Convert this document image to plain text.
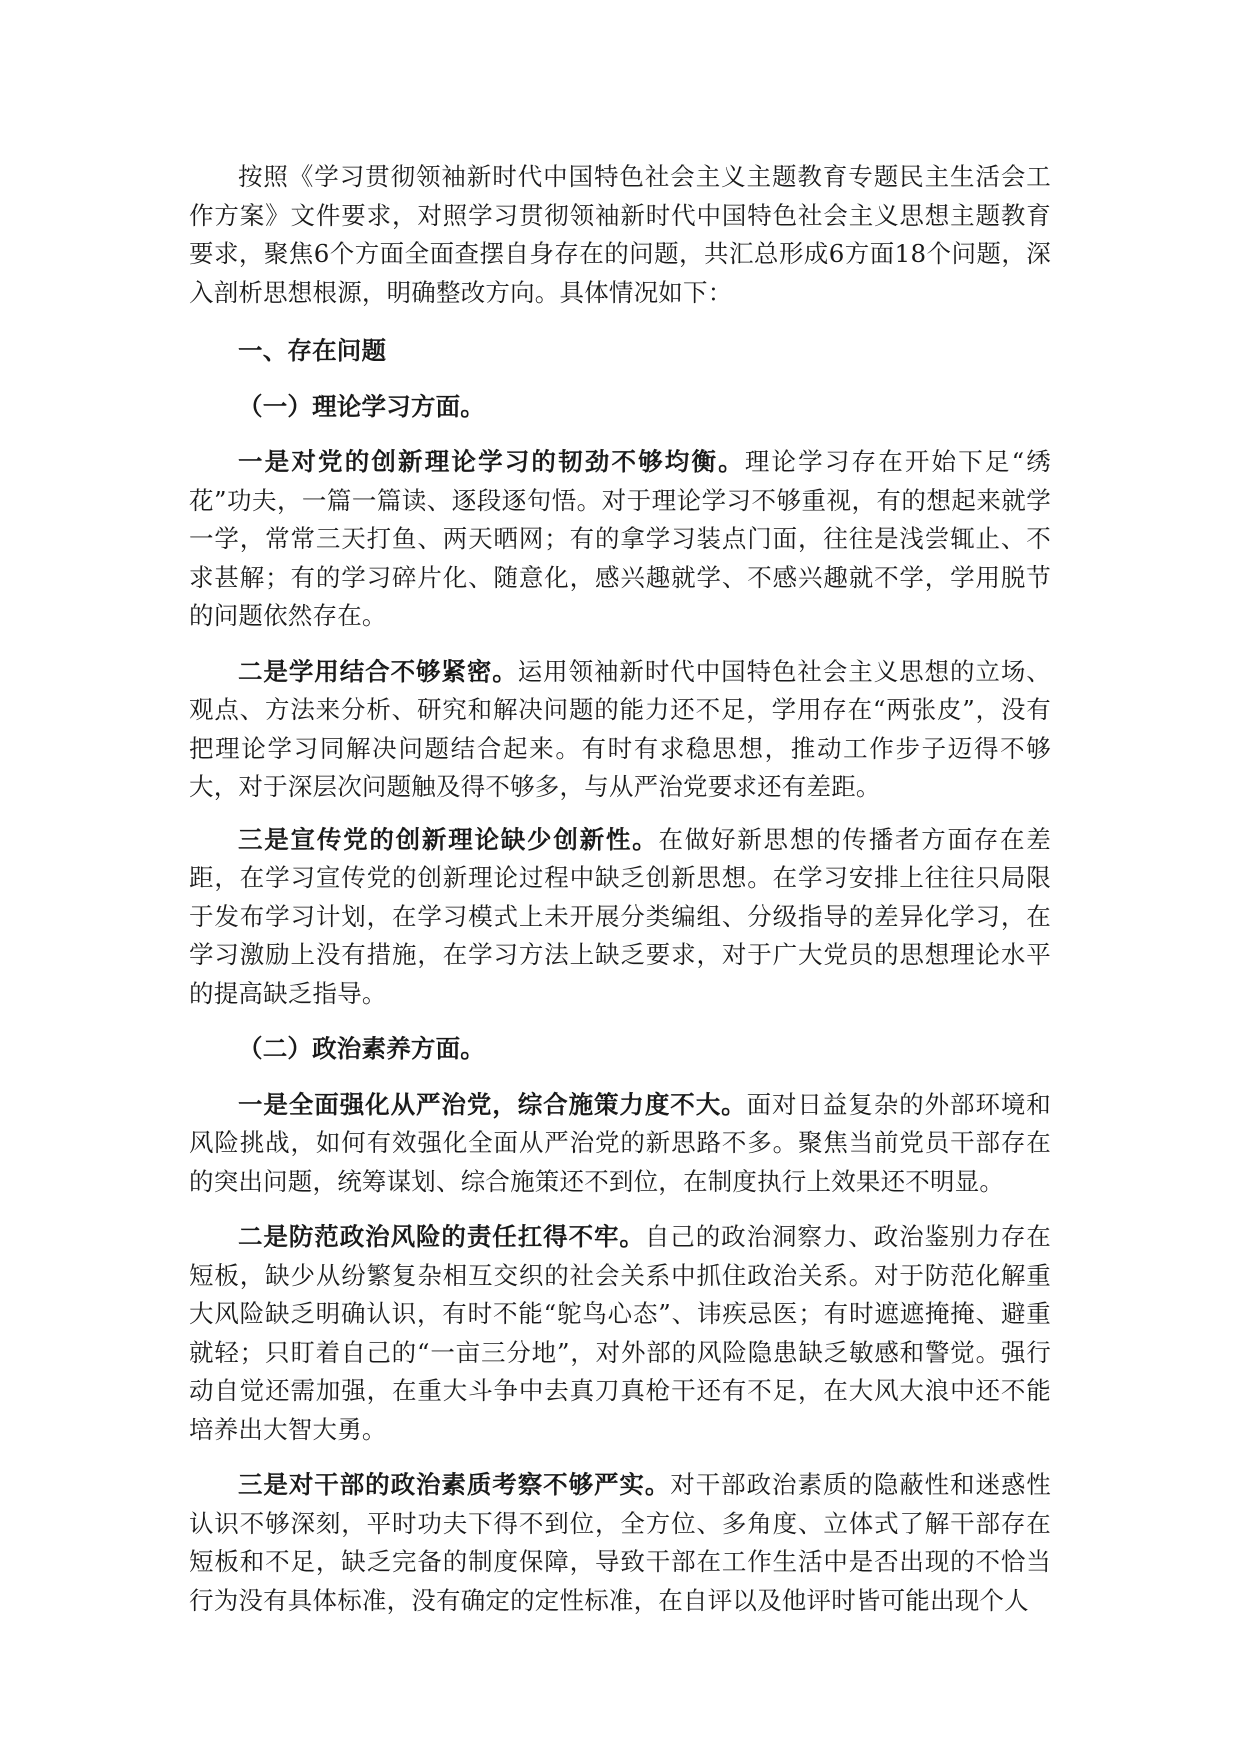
按照《学习贯彻领袖新时代中国特色社会主义主题教育专题民主生活会工作方案》文件要求，对照学习贯彻领袖新时代中国特色社会主义思想主题教育要求，聚焦6个方面全面查摆自身存在的问题，共汇总形成6方面18个问题，深入剖析思想根源，明确整改方向。具体情况如下：

一、存在问题

（一）理论学习方面。

一是对党的创新理论学习的韧劲不够均衡。理论学习存在开始下足“绣花”功夫，一篇一篇读、逐段逐句悟。对于理论学习不够重视，有的想起来就学一学，常常三天打鱼、两天晒网；有的拿学习装点门面，往往是浅尝辄止、不求甚解；有的学习碎片化、随意化，感兴趣就学、不感兴趣就不学，学用脱节的问题依然存在。

二是学用结合不够紧密。运用领袖新时代中国特色社会主义思想的立场、观点、方法来分析、研究和解决问题的能力还不足，学用存在“两张皮”，没有把理论学习同解决问题结合起来。有时有求稳思想，推动工作步子迈得不够大，对于深层次问题触及得不够多，与从严治党要求还有差距。

三是宣传党的创新理论缺少创新性。在做好新思想的传播者方面存在差距，在学习宣传党的创新理论过程中缺乏创新思想。在学习安排上往往只局限于发布学习计划，在学习模式上未开展分类编组、分级指导的差异化学习，在学习激励上没有措施，在学习方法上缺乏要求，对于广大党员的思想理论水平的提高缺乏指导。

（二）政治素养方面。

一是全面强化从严治党，综合施策力度不大。面对日益复杂的外部环境和风险挑战，如何有效强化全面从严治党的新思路不多。聚焦当前党员干部存在的突出问题，统筹谋划、综合施策还不到位，在制度执行上效果还不明显。

二是防范政治风险的责任扛得不牢。自己的政治洞察力、政治鉴别力存在短板，缺少从纷繁复杂相互交织的社会关系中抓住政治关系。对于防范化解重大风险缺乏明确认识，有时不能“鸵鸟心态”、讳疾忌医；有时遮遮掩掩、避重就轻；只盯着自己的“一亩三分地”，对外部的风险隐患缺乏敏感和警觉。强行动自觉还需加强，在重大斗争中去真刀真枪干还有不足，在大风大浪中还不能培养出大智大勇。

三是对干部的政治素质考察不够严实。对干部政治素质的隐蔽性和迷惑性认识不够深刻，平时功夫下得不到位，全方位、多角度、立体式了解干部存在短板和不足，缺乏完备的制度保障，导致干部在工作生活中是否出现的不恰当行为没有具体标准，没有确定的定性标准，在自评以及他评时皆可能出现个人
